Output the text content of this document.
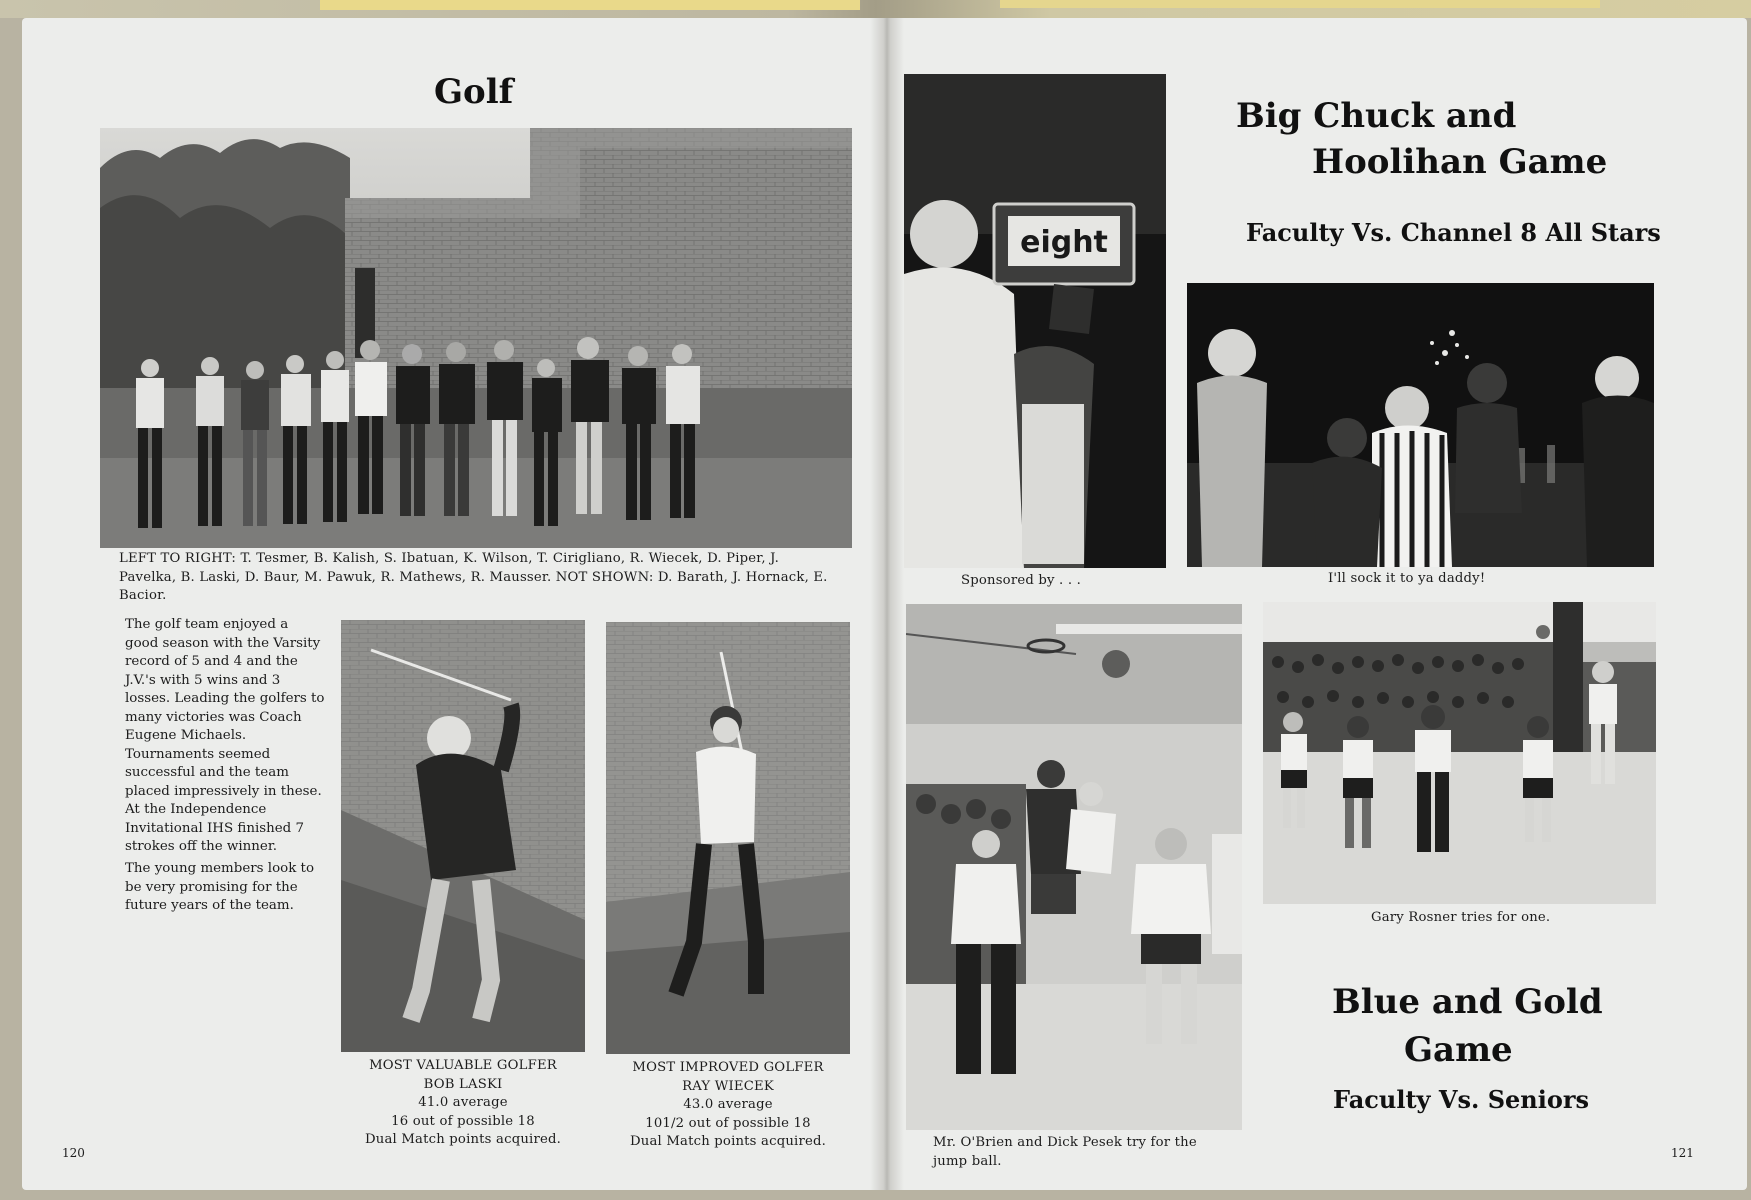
Golf

LEFT TO RIGHT: T. Tesmer, B. Kalish, S. Ibatuan, K. Wilson, T. Cirigliano, R. Wiecek, D. Piper, J. Pavelka, B. Laski, D. Baur, M. Pawuk, R. Mathews, R. Mausser. NOT SHOWN: D. Barath, J. Hornack, E. Bacior.

The golf team enjoyed a good season with the Varsity record of 5 and 4 and the J.V.'s with 5 wins and 3 losses. Leading the golfers to many victories was Coach Eugene Michaels. Tournaments seemed successful and the team placed impressively in these. At the Independence Invitational IHS finished 7 strokes off the winner.

The young members look to be very promising for the future years of the team.

MOST VALUABLE GOLFER
BOB LASKI
41.0 average
16 out of possible 18
Dual Match points acquired.
MOST IMPROVED GOLFER
RAY WIECEK
43.0 average
101/2 out of possible 18
Dual Match points acquired.
120
eight
Sponsored by . . .
Big Chuck and
Hoolihan Game
Faculty Vs. Channel 8 All Stars
I'll sock it to ya daddy!

Mr. O'Brien and Dick Pesek try for the jump ball.

Gary Rosner tries for one.
Blue and Gold
Game
Faculty Vs. Seniors
121
